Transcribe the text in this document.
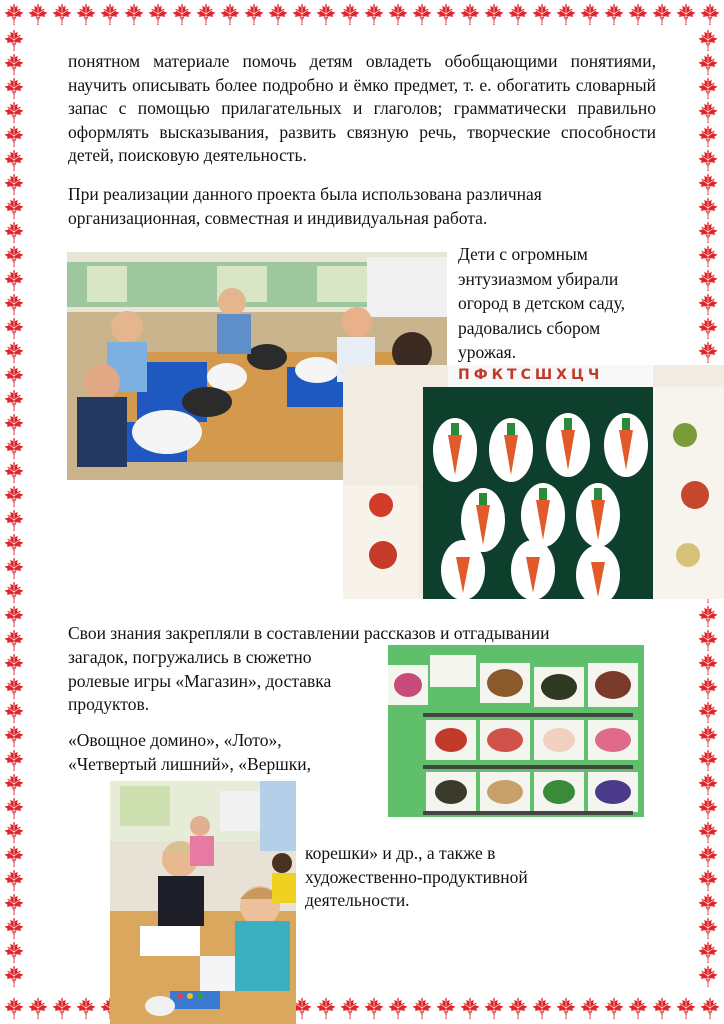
понятном материале помочь детям овладеть обобщающими понятиями, научить описывать более подробно и ёмко предмет, т. е. обогатить словарный запас с помощью прилагательных и глаголов; грамматически правильно оформлять высказывания, развить связную речь, творческие способности детей, поисковую деятельность.
При реализации данного проекта была использована различная организационная, совместная и индивидуальная работа.
Дети с огромным энтузиазмом убирали огород в детском саду, радовались сбором урожая.
ПФКТСШХЦЧ
Свои знания закрепляли в составлении рассказов и отгадывании
загадок, погружались в сюжетно ролевые игры «Магазин», доставка продуктов.
«Овощное домино», «Лото», «Четвертый лишний», «Вершки,
корешки» и др., а также в художественно-продуктивной деятельности.
